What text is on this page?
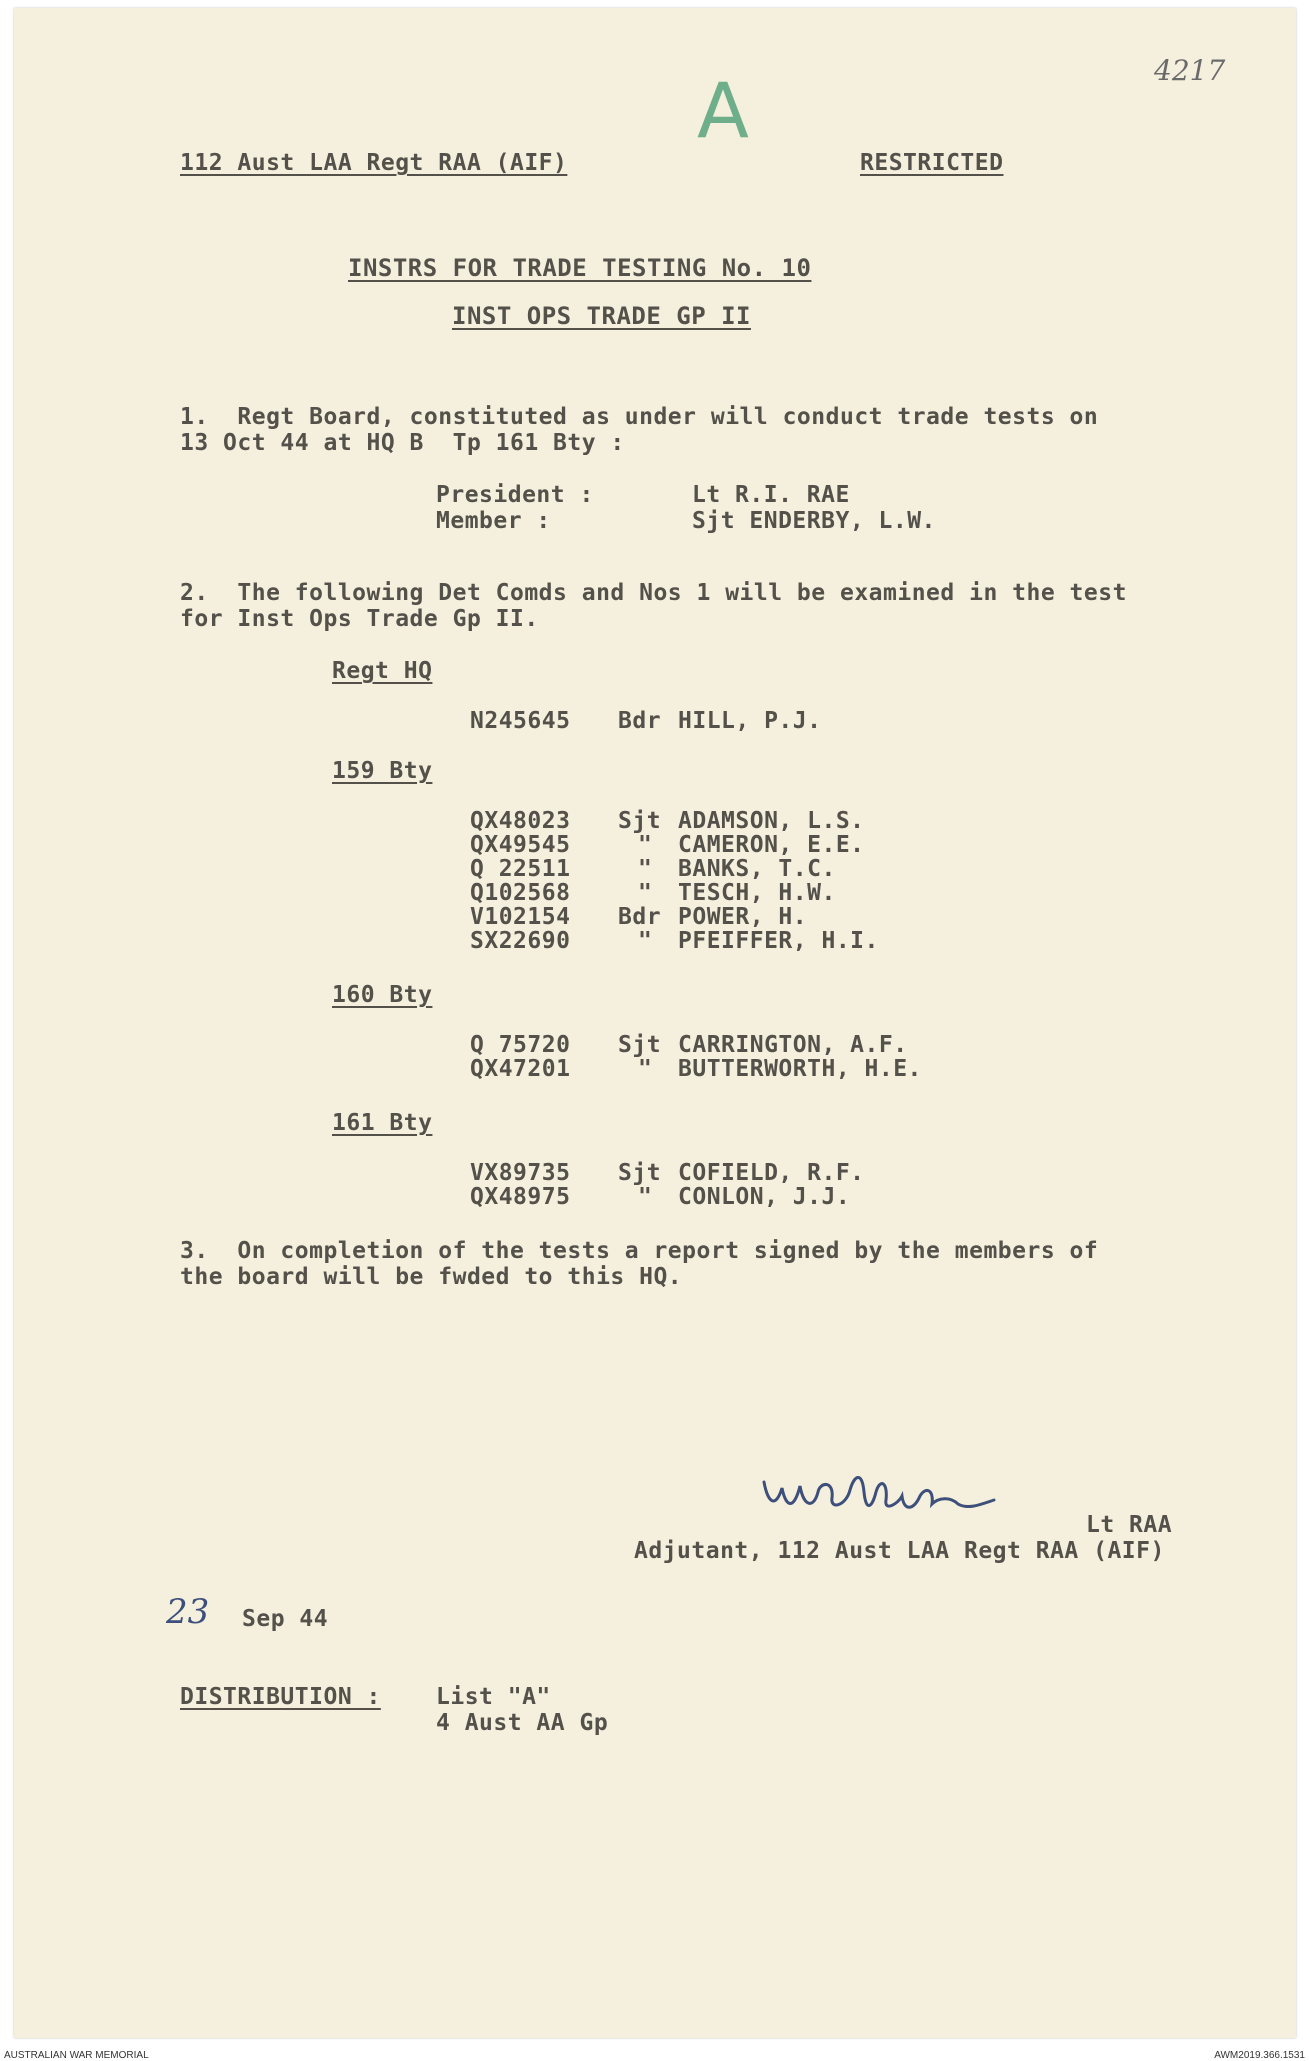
4217
A
112 Aust LAA Regt RAA (AIF)	RESTRICTED
INSTRS FOR TRADE TESTING No. 10
INST OPS TRADE GP II
1.  Regt Board, constituted as under will conduct trade tests on
13 Oct 44 at HQ B  Tp 161 Bty :
President :	Lt R.I. RAE
Member :	Sjt ENDERBY, L.W.
2.  The following Det Comds and Nos 1 will be examined in the test
for Inst Ops Trade Gp II.
Regt HQ
N245645 Bdr HILL, P.J.
159 Bty
QX48023 Sjt ADAMSON, L.S.
QX49545	" CAMERON, E.E.
Q 22511	" BANKS, T.C.
Q102568	" TESCH, H.W.
V102154 Bdr POWER, H.
SX22690	" PFEIFFER, H.I.
160 Bty
Q 75720 Sjt CARRINGTON, A.F.
QX47201	" BUTTERWORTH, H.E.
161 Bty
VX89735 Sjt COFIELD, R.F.
QX48975	" CONLON, J.J.
3.  On completion of the tests a report signed by the members of
the board will be fwded to this HQ.
Lt RAA
Adjutant, 112 Aust LAA Regt RAA (AIF)
23 Sep 44
DISTRIBUTION : List "A"
4 Aust AA Gp
AUSTRALIAN WAR MEMORIAL	AWM2019.366.1531
